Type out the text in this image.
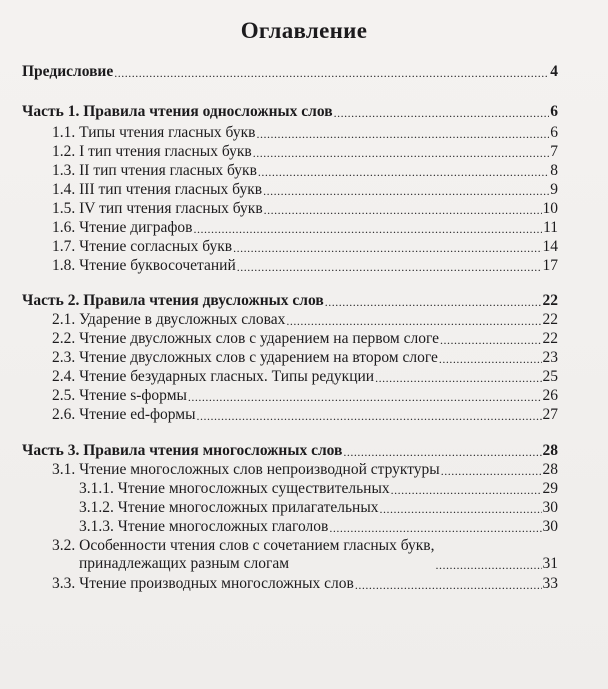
Оглавление
Предисловие .....	4
Часть 1. Правила чтения односложных слов .....	6
1.1. Типы чтения гласных букв .....	6
1.2. I тип чтения гласных букв .....	7
1.3. II тип чтения гласных букв .....	8
1.4. III тип чтения гласных букв .....	9
1.5. IV тип чтения гласных букв .....	10
1.6. Чтение диграфов .....	11
1.7. Чтение согласных букв .....	14
1.8. Чтение буквосочетаний .....	17
Часть 2. Правила чтения двусложных слов .....	22
2.1. Ударение в двусложных словах .....	22
2.2. Чтение двусложных слов с ударением на первом слоге .....	22
2.3. Чтение двусложных слов с ударением на втором слоге .....	23
2.4. Чтение безударных гласных. Типы редукции .....	25
2.5. Чтение s-формы .....	26
2.6. Чтение ed-формы .....	27
Часть 3. Правила чтения многосложных слов .....	28
3.1. Чтение многосложных слов непроизводной структуры .....	28
3.1.1. Чтение многосложных существительных .....	29
3.1.2. Чтение многосложных прилагательных .....	30
3.1.3. Чтение многосложных глаголов .....	30
3.2. Особенности чтения слов с сочетанием гласных букв,
принадлежащих разным слогам .....	31
3.3. Чтение производных многосложных слов .....	33
